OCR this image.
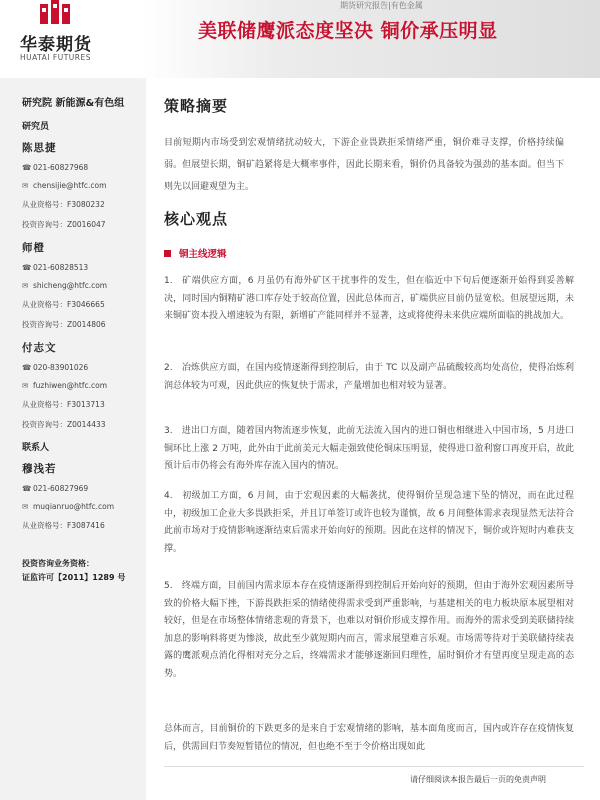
华泰期货
HUATAI FUTURES
期货研究报告|有色金属
美联储鹰派态度坚决 铜价承压明显
研究院 新能源&有色组
研究员
陈思捷
☎ 021-60827968
✉ chensijie@htfc.com
从业资格号：F3080232
投资咨询号：Z0016047
师橙
☎ 021-60828513
✉ shicheng@htfc.com
从业资格号：F3046665
投资咨询号：Z0014806
付志文
☎ 020-83901026
✉ fuzhiwen@htfc.com
从业资格号：F3013713
投资咨询号：Z0014433
联系人
穆浅若
☎ 021-60827969
✉ muqianruo@htfc.com
从业资格号：F3087416
投资咨询业务资格：
证监许可【2011】1289 号
策略摘要
目前短期内市场受到宏观情绪扰动较大，下游企业畏跌拒采情绪严重，铜价难寻支撑，价格持续偏弱。但展望长期，铜矿趋紧将是大概率事件，因此长期来看，铜价仍具备较为强劲的基本面。但当下则先以回避观望为主。
核心观点
铜主线逻辑
1.　矿端供应方面，6 月虽仍有海外矿区干扰事件的发生，但在临近中下旬后便逐渐开始得到妥善解决，同时国内铜精矿港口库存处于较高位置，因此总体而言，矿端供应目前仍显宽松。但展望远期，未来铜矿资本投入增速较为有限，新增矿产能同样并不显著，这或将使得未来供应端所面临的挑战加大。
2.　冶炼供应方面，在国内疫情逐渐得到控制后，由于 TC 以及副产品硫酸较高均处高位，使得冶炼利润总体较为可观，因此供应的恢复快于需求，产量增加也相对较为显著。
3.　进出口方面，随着国内物流逐步恢复，此前无法流入国内的进口铜也相继进入中国市场，5 月进口铜环比上涨 2 万吨，此外由于此前美元大幅走强致使伦铜床压明显，使得进口盈利窗口再度开启，故此预计后市仍将会有海外库存流入国内的情况。
4.　初级加工方面，6 月间，由于宏观因素的大幅袭扰，使得铜价呈现急速下坠的情况，而在此过程中，初级加工企业大多畏跌拒采，并且订单签订或许也较为谨慎，故 6 月间整体需求表现显然无法符合此前市场对于疫情影响逐渐结束后需求开始向好的预期。因此在这样的情况下，铜价或许短时内难获支撑。
5.　终端方面，目前国内需求原本存在疫情逐渐得到控制后开始向好的预期，但由于海外宏观因素所导致的价格大幅下挫，下游畏跌拒采的情绪使得需求受到严重影响，与基建相关的电力板块原本展望相对较好，但是在市场整体情绪悲观的背景下，也难以对铜价形成支撑作用。而海外的需求受到美联储持续加息的影响料将更为惨淡，故此至少就短期内而言，需求展望难言乐观。市场需等待对于美联储持续表露的鹰派观点消化得相对充分之后，终端需求才能够逐渐回归理性，届时铜价才有望再度呈现走高的态势。
总体而言，目前铜价的下跌更多的是来自于宏观情绪的影响，基本面角度而言，国内或许存在疫情恢复后，供需回归节奏短暂错位的情况，但也绝不至于令价格出现如此
请仔细阅读本报告最后一页的免责声明
